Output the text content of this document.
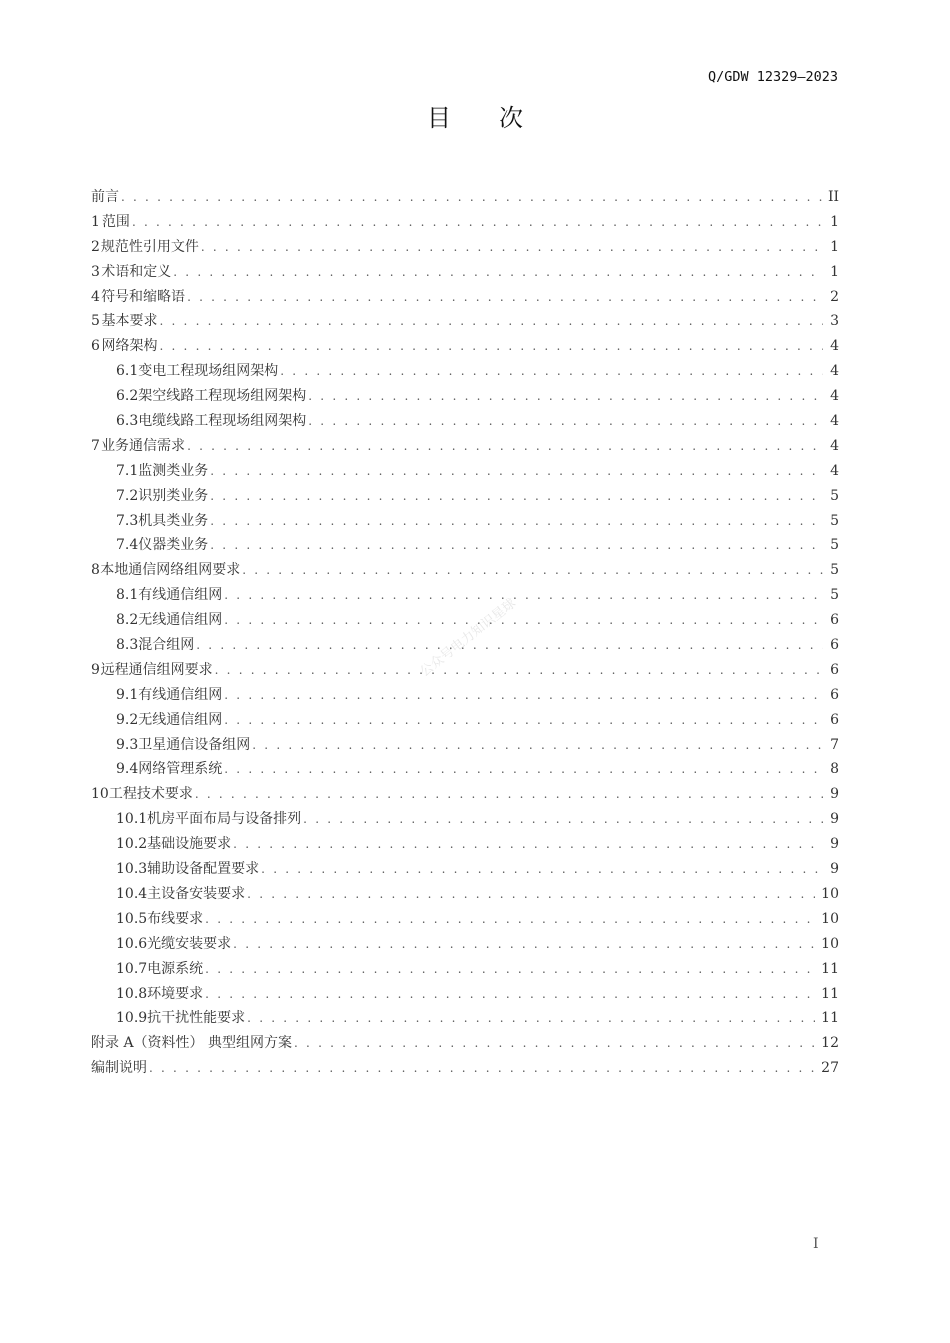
Q/GDW 12329—2023
目 次
前言 . . .	II
1 范围 . . .	1
2 规范性引用文件 . . .	1
3 术语和定义 . . .	1
4 符号和缩略语 . . .	2
5 基本要求 . . .	3
6 网络架构 . . .	4
6.1 变电工程现场组网架构 . . .	4
6.2 架空线路工程现场组网架构 . . .	4
6.3 电缆线路工程现场组网架构 . . .	4
7 业务通信需求 . . .	4
7.1 监测类业务 . . .	4
7.2 识别类业务 . . .	5
7.3 机具类业务 . . .	5
7.4 仪器类业务 . . .	5
8 本地通信网络组网要求 . . .	5
8.1 有线通信组网 . . .	5
8.2 无线通信组网 . . .	6
8.3 混合组网 . . .	6
9 远程通信组网要求 . . .	6
9.1 有线通信组网 . . .	6
9.2 无线通信组网 . . .	6
9.3 卫星通信设备组网 . . .	7
9.4 网络管理系统 . . .	8
10 工程技术要求 . . .	9
10.1 机房平面布局与设备排列 . . .	9
10.2 基础设施要求 . . .	9
10.3 辅助设备配置要求 . . .	9
10.4 主设备安装要求 . . .	10
10.5 布线要求 . . .	10
10.6 光缆安装要求 . . .	10
10.7 电源系统 . . .	11
10.8 环境要求 . . .	11
10.9 抗干扰性能要求 . . .	11
附录 A（资料性） 典型组网方案 . . .	12
编制说明 . . .	27
公众号电力知识星球
I
